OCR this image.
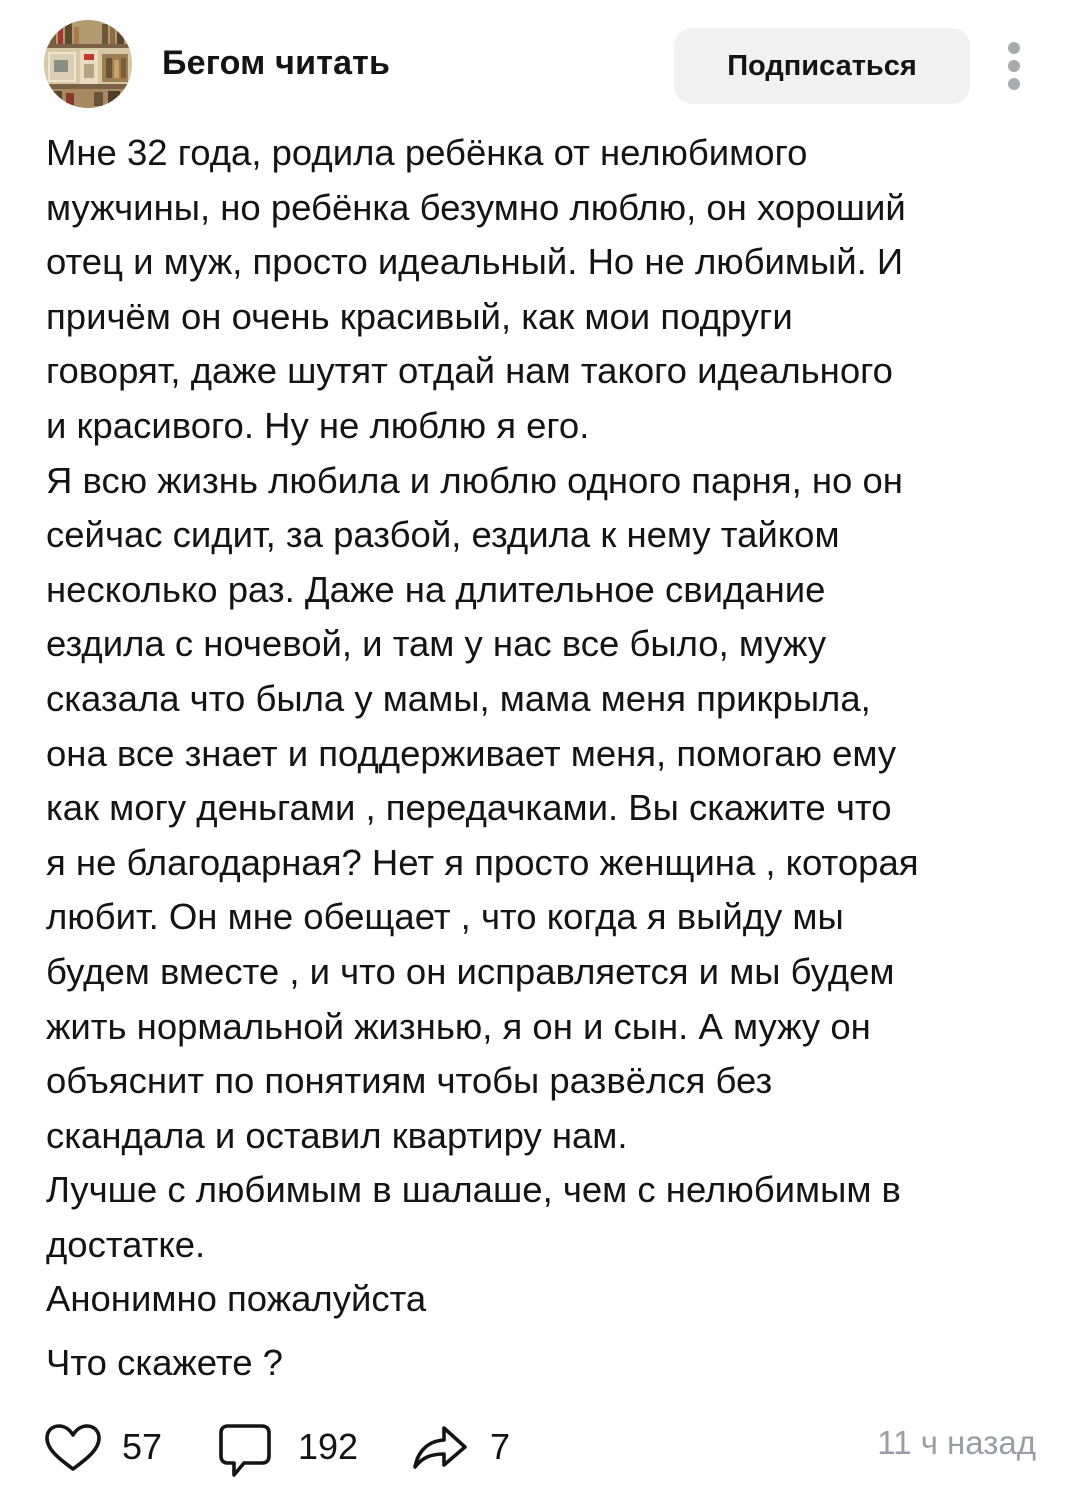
Бегом читать	Подписаться
Мне 32 года, родила ребёнка от нелюбимого
мужчины, но ребёнка безумно люблю, он хороший
отец и муж, просто идеальный. Но не любимый. И
причём он очень красивый, как мои подруги
говорят, даже шутят отдай нам такого идеального
и красивого. Ну не люблю я его.
Я всю жизнь любила и люблю одного парня, но он
сейчас сидит, за разбой, ездила к нему тайком
несколько раз. Даже на длительное свидание
ездила с ночевой, и там у нас все было, мужу
сказала что была у мамы, мама меня прикрыла,
она все знает и поддерживает меня, помогаю ему
как могу деньгами , передачками. Вы скажите что
я не благодарная? Нет я просто женщина , которая
любит. Он мне обещает , что когда я выйду мы
будем вместе , и что он исправляется и мы будем
жить нормальной жизнью, я он и сын. А мужу он
объяснит по понятиям чтобы развёлся без
скандала и оставил квартиру нам.
Лучше с любимым в шалаше, чем с нелюбимым в
достатке.
Анонимно пожалуйста
Что скажете ?
57	192	7	11 ч назад
